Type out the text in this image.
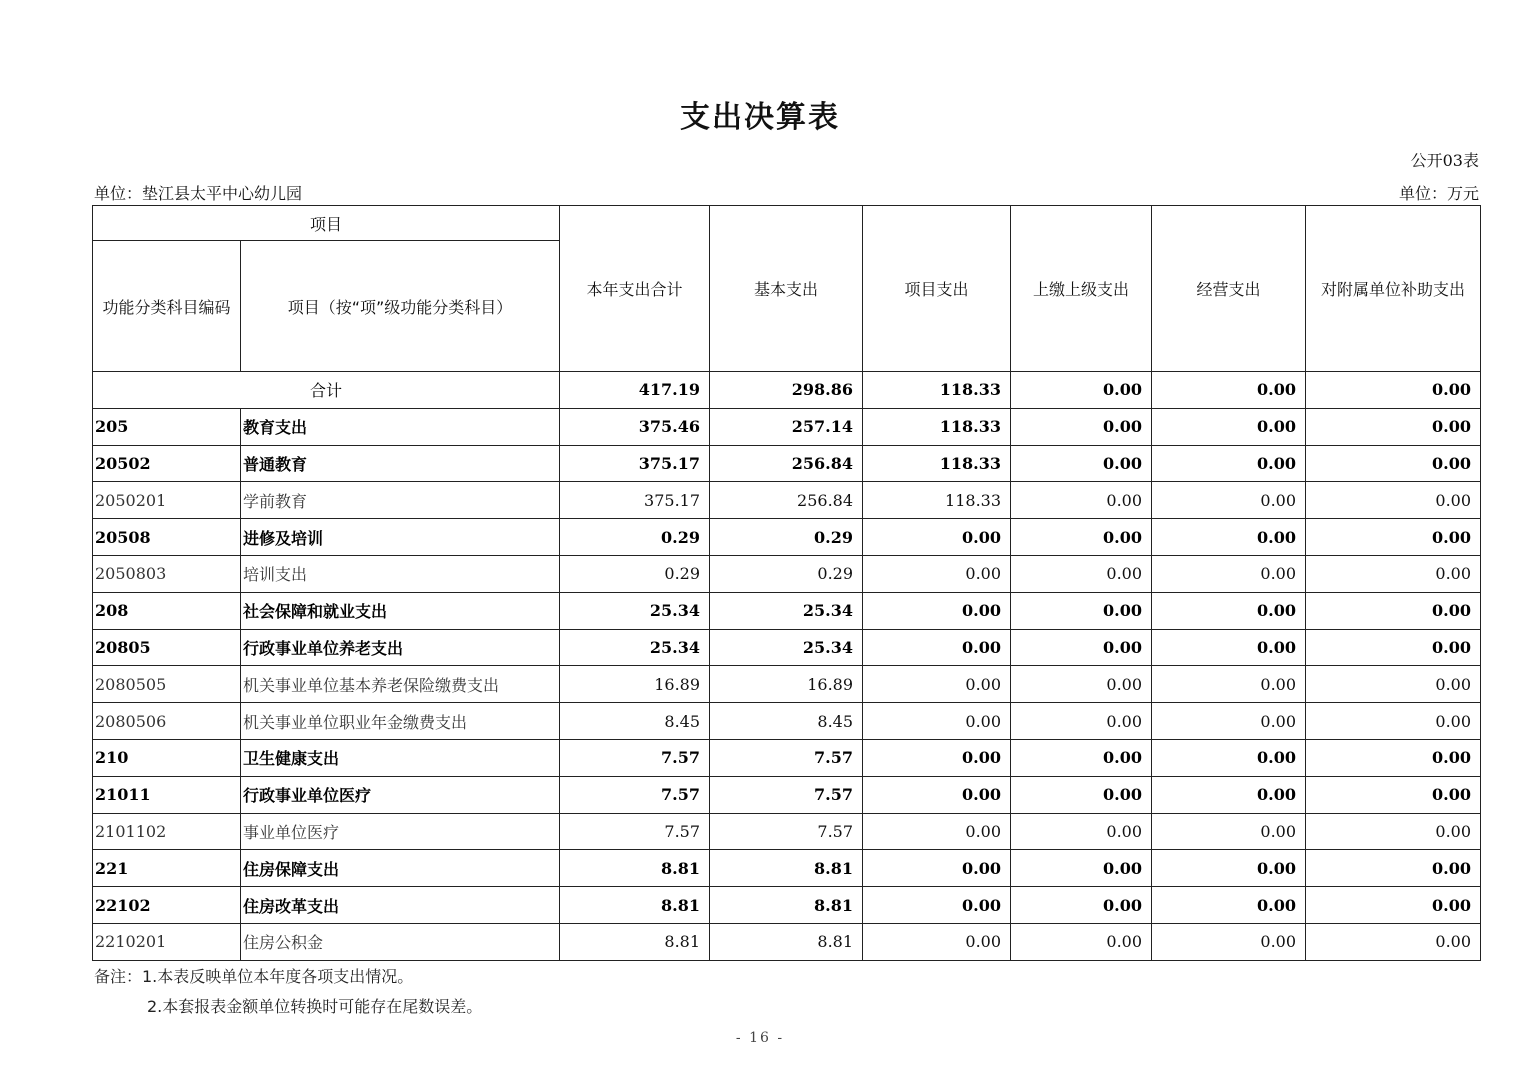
支出决算表
公开03表
单位：垫江县太平中心幼儿园	单位：万元
项目		本年支出合计	基本支出	项目支出	上缴上级支出	经营支出	对附属单位补助支出
功能分类科目编码	项目（按“项”级功能分类科目）						
合计		417.19	298.86	118.33	0.00	0.00	0.00
205	教育支出	375.46	257.14	118.33	0.00	0.00	0.00
20502	普通教育	375.17	256.84	118.33	0.00	0.00	0.00
2050201	学前教育	375.17	256.84	118.33	0.00	0.00	0.00
20508	进修及培训	0.29	0.29	0.00	0.00	0.00	0.00
2050803	培训支出	0.29	0.29	0.00	0.00	0.00	0.00
208	社会保障和就业支出	25.34	25.34	0.00	0.00	0.00	0.00
20805	行政事业单位养老支出	25.34	25.34	0.00	0.00	0.00	0.00
2080505	机关事业单位基本养老保险缴费支出	16.89	16.89	0.00	0.00	0.00	0.00
2080506	机关事业单位职业年金缴费支出	8.45	8.45	0.00	0.00	0.00	0.00
210	卫生健康支出	7.57	7.57	0.00	0.00	0.00	0.00
21011	行政事业单位医疗	7.57	7.57	0.00	0.00	0.00	0.00
2101102	事业单位医疗	7.57	7.57	0.00	0.00	0.00	0.00
221	住房保障支出	8.81	8.81	0.00	0.00	0.00	0.00
22102	住房改革支出	8.81	8.81	0.00	0.00	0.00	0.00
2210201	住房公积金	8.81	8.81	0.00	0.00	0.00	0.00
备注：1.本表反映单位本年度各项支出情况。
2.本套报表金额单位转换时可能存在尾数误差。
- 16 -
